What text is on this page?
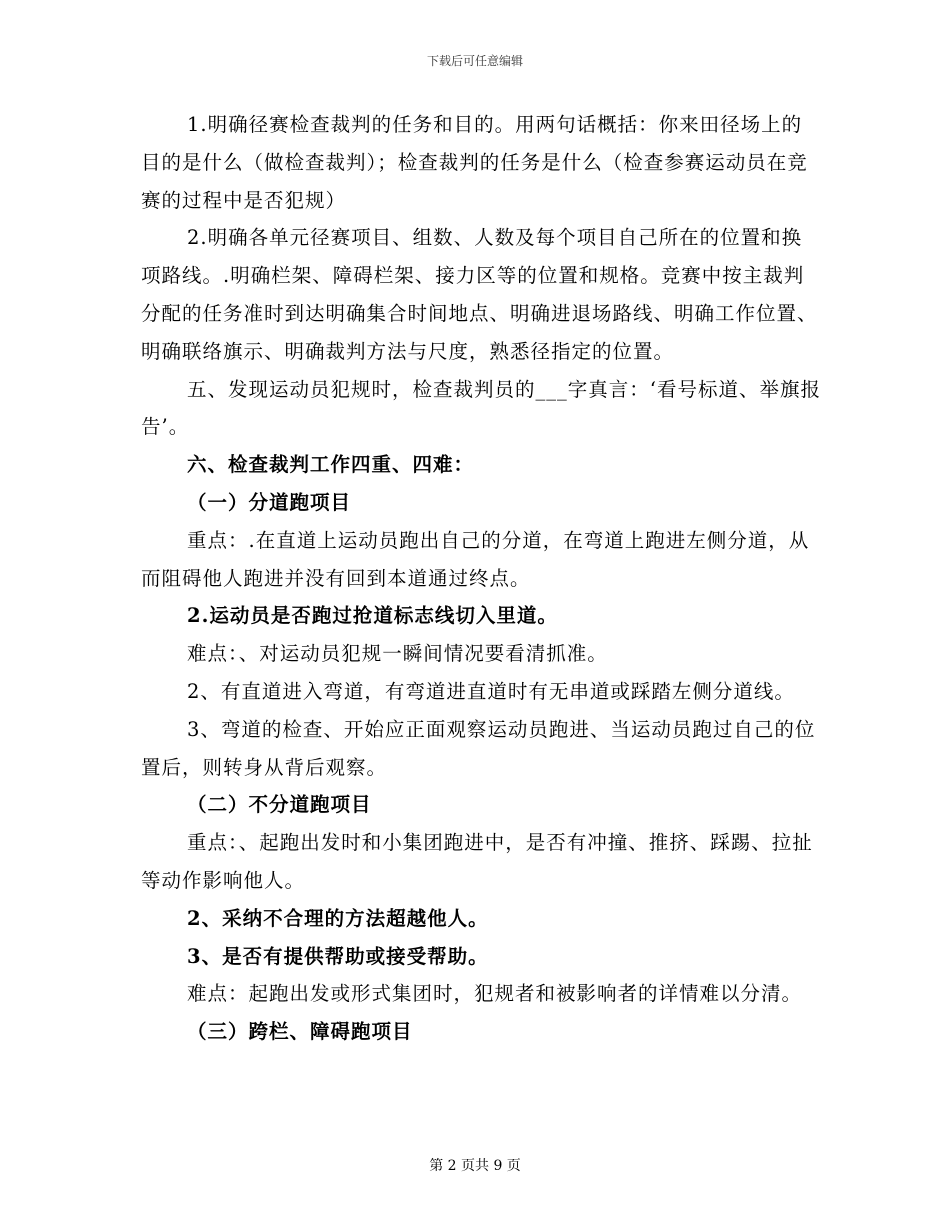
下载后可任意编辑

1.明确径赛检查裁判的任务和目的。用两句话概括：你来田径场上的目的是什么（做检查裁判）；检查裁判的任务是什么（检查参赛运动员在竞赛的过程中是否犯规）

2.明确各单元径赛项目、组数、人数及每个项目自己所在的位置和换项路线。.明确栏架、障碍栏架、接力区等的位置和规格。竞赛中按主裁判分配的任务准时到达明确集合时间地点、明确进退场路线、明确工作位置、明确联络旗示、明确裁判方法与尺度，熟悉径指定的位置。

五、发现运动员犯规时，检查裁判员的___字真言：‘看号标道、举旗报告’。

六、检查裁判工作四重、四难：

（一）分道跑项目

重点：.在直道上运动员跑出自己的分道，在弯道上跑进左侧分道，从而阻碍他人跑进并没有回到本道通过终点。

2.运动员是否跑过抢道标志线切入里道。

难点：、对运动员犯规一瞬间情况要看清抓准。

2、有直道进入弯道，有弯道进直道时有无串道或踩踏左侧分道线。

3、弯道的检查、开始应正面观察运动员跑进、当运动员跑过自己的位置后，则转身从背后观察。

（二）不分道跑项目

重点：、起跑出发时和小集团跑进中，是否有冲撞、推挤、踩踢、拉扯等动作影响他人。

2、采纳不合理的方法超越他人。

3、是否有提供帮助或接受帮助。

难点：起跑出发或形式集团时，犯规者和被影响者的详情难以分清。

（三）跨栏、障碍跑项目

第 2 页共 9 页
